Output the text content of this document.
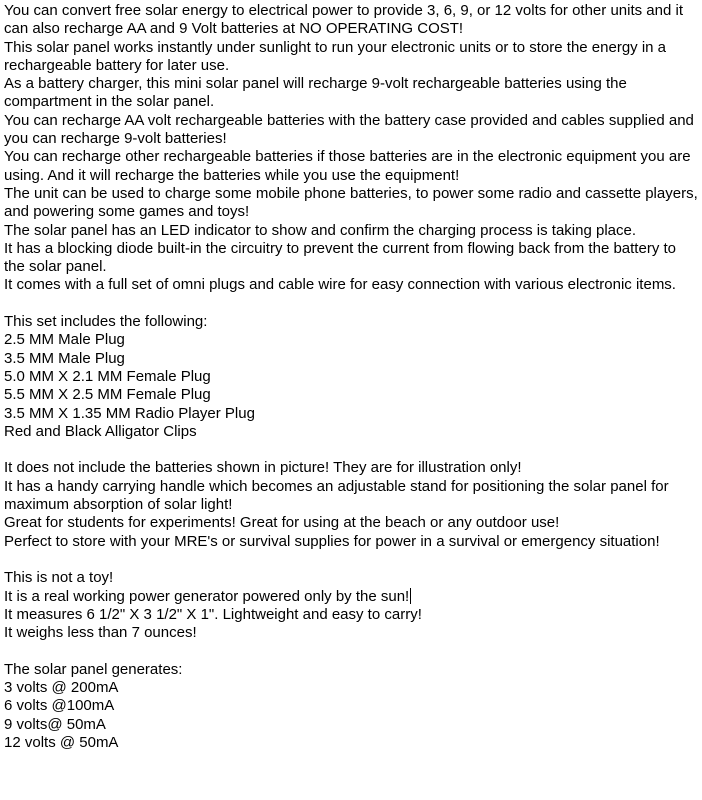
You can convert free solar energy to electrical power to provide 3, 6, 9, or 12 volts for other units and it can also recharge AA and 9 Volt batteries at NO OPERATING COST!

This solar panel works instantly under sunlight to run your electronic units or to store the energy in a rechargeable battery for later use.

As a battery charger, this mini solar panel will recharge 9-volt rechargeable batteries using the compartment in the solar panel.

You can recharge AA volt rechargeable batteries with the battery case provided and cables supplied and you can recharge 9-volt batteries!

You can recharge other rechargeable batteries if those batteries are in the electronic equipment you are using. And it will recharge the batteries while you use the equipment!

The unit can be used to charge some mobile phone batteries, to power some radio and cassette players, and powering some games and toys!

The solar panel has an LED indicator to show and confirm the charging process is taking place.

It has a blocking diode built-in the circuitry to prevent the current from flowing back from the battery to the solar panel.

It comes with a full set of omni plugs and cable wire for easy connection with various electronic items.

This set includes the following:

2.5 MM Male Plug

3.5 MM Male Plug

5.0 MM X 2.1 MM Female Plug

5.5 MM X 2.5 MM Female Plug

3.5 MM X 1.35 MM Radio Player Plug

Red and Black Alligator Clips

It does not include the batteries shown in picture! They are for illustration only!

It has a handy carrying handle which becomes an adjustable stand for positioning the solar panel for maximum absorption of solar light!

Great for students for experiments! Great for using at the beach or any outdoor use!

Perfect to store with your MRE's or survival supplies for power in a survival or emergency situation!

This is not a toy!

It is a real working power generator powered only by the sun!

It measures 6 1/2" X 3 1/2" X 1". Lightweight and easy to carry!

It weighs less than 7 ounces!

The solar panel generates:

3 volts @ 200mA

6 volts @100mA

9 volts@ 50mA

12 volts @ 50mA
